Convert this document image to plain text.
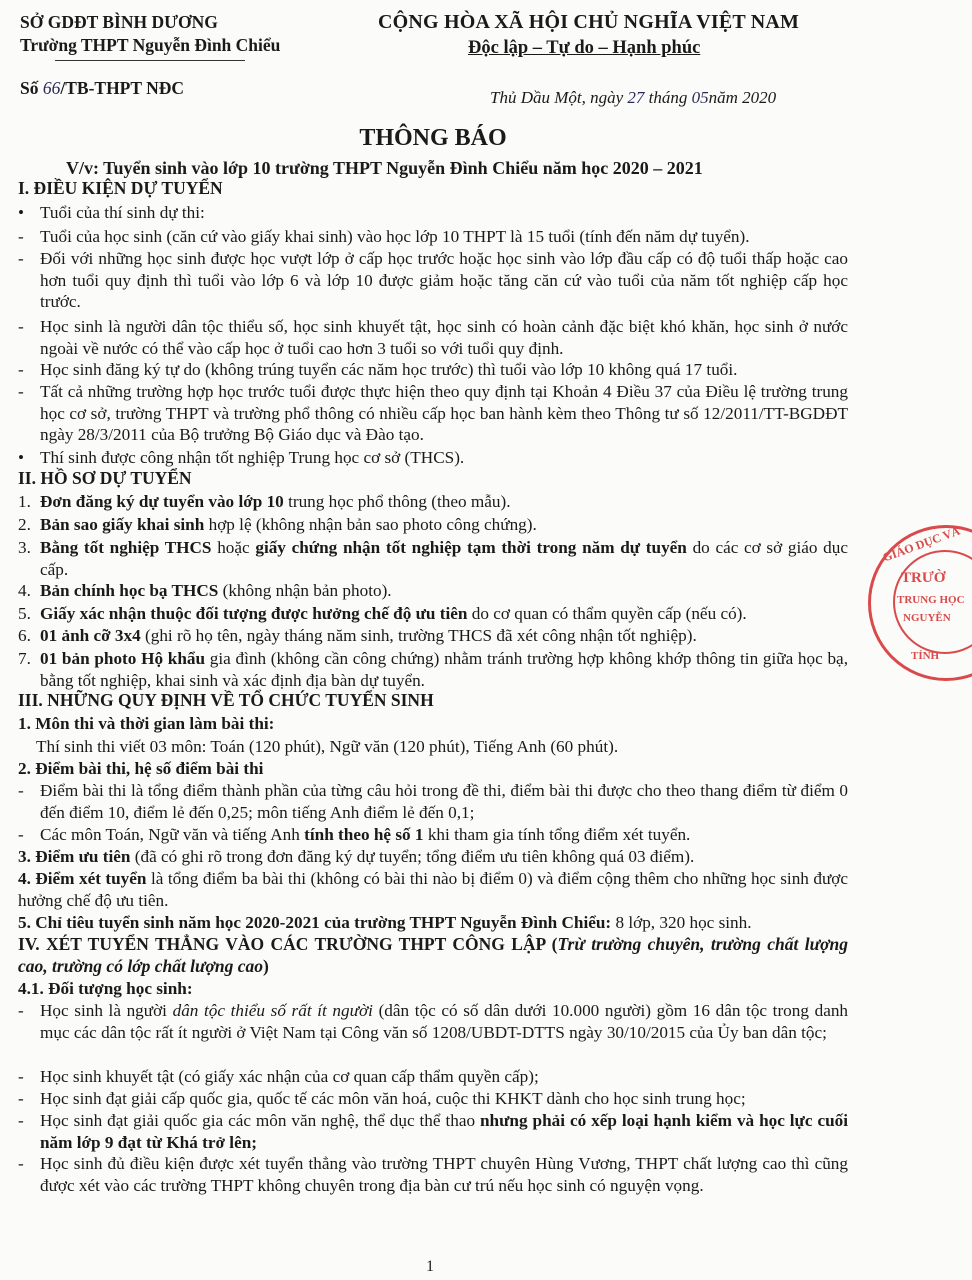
SỞ GDĐT BÌNH DƯƠNG
Trường THPT Nguyễn Đình Chiểu
Số 66/TB-THPT NĐC
CỘNG HÒA XÃ HỘI CHỦ NGHĨA VIỆT NAM
Độc lập – Tự do – Hạnh phúc
Thủ Dầu Một, ngày 27 tháng 05năm 2020
THÔNG BÁO
V/v: Tuyển sinh vào lớp 10 trường THPT Nguyễn Đình Chiểu năm học 2020 – 2021
I. ĐIỀU KIỆN DỰ TUYỂN
• Tuổi của thí sinh dự thi:
- Tuổi của học sinh (căn cứ vào giấy khai sinh) vào học lớp 10 THPT là 15 tuổi (tính đến năm dự tuyển).
- Đối với những học sinh được học vượt lớp ở cấp học trước hoặc học sinh vào lớp đầu cấp có độ tuổi thấp hoặc cao hơn tuổi quy định thì tuổi vào lớp 6 và lớp 10 được giảm hoặc tăng căn cứ vào tuổi của năm tốt nghiệp cấp học trước.
- Học sinh là người dân tộc thiểu số, học sinh khuyết tật, học sinh có hoàn cảnh đặc biệt khó khăn, học sinh ở nước ngoài về nước có thể vào cấp học ở tuổi cao hơn 3 tuổi so với tuổi quy định.
- Học sinh đăng ký tự do (không trúng tuyển các năm học trước) thì tuổi vào lớp 10 không quá 17 tuổi.
- Tất cả những trường hợp học trước tuổi được thực hiện theo quy định tại Khoản 4 Điều 37 của Điều lệ trường trung học cơ sở, trường THPT và trường phổ thông có nhiều cấp học ban hành kèm theo Thông tư số 12/2011/TT-BGDĐT ngày 28/3/2011 của Bộ trưởng Bộ Giáo dục và Đào tạo.
• Thí sinh được công nhận tốt nghiệp Trung học cơ sở (THCS).
II. HỒ SƠ DỰ TUYỂN
1. Đơn đăng ký dự tuyển vào lớp 10 trung học phổ thông (theo mẫu).
2. Bản sao giấy khai sinh hợp lệ (không nhận bản sao photo công chứng).
3. Bằng tốt nghiệp THCS hoặc giấy chứng nhận tốt nghiệp tạm thời trong năm dự tuyển do các cơ sở giáo dục cấp.
4. Bản chính học bạ THCS (không nhận bản photo).
5. Giấy xác nhận thuộc đối tượng được hưởng chế độ ưu tiên do cơ quan có thẩm quyền cấp (nếu có).
6. 01 ảnh cỡ 3x4 (ghi rõ họ tên, ngày tháng năm sinh, trường THCS đã xét công nhận tốt nghiệp).
7. 01 bản photo Hộ khẩu gia đình (không cần công chứng) nhằm tránh trường hợp không khớp thông tin giữa học bạ, bằng tốt nghiệp, khai sinh và xác định địa bàn dự tuyển.
III. NHỮNG QUY ĐỊNH VỀ TỔ CHỨC TUYỂN SINH
1. Môn thi và thời gian làm bài thi:
Thí sinh thi viết 03 môn: Toán (120 phút), Ngữ văn (120 phút), Tiếng Anh (60 phút).
2. Điểm bài thi, hệ số điểm bài thi
- Điểm bài thi là tổng điểm thành phần của từng câu hỏi trong đề thi, điểm bài thi được cho theo thang điểm từ điểm 0 đến điểm 10, điểm lẻ đến 0,25; môn tiếng Anh điểm lẻ đến 0,1;
- Các môn Toán, Ngữ văn và tiếng Anh tính theo hệ số 1 khi tham gia tính tổng điểm xét tuyển.
3. Điểm ưu tiên (đã có ghi rõ trong đơn đăng ký dự tuyển; tổng điểm ưu tiên không quá 03 điểm).
4. Điểm xét tuyển là tổng điểm ba bài thi (không có bài thi nào bị điểm 0) và điểm cộng thêm cho những học sinh được hưởng chế độ ưu tiên.
5. Chỉ tiêu tuyển sinh năm học 2020-2021 của trường THPT Nguyễn Đình Chiểu: 8 lớp, 320 học sinh.
IV. XÉT TUYỂN THẲNG VÀO CÁC TRƯỜNG THPT CÔNG LẬP (Trừ trường chuyên, trường chất lượng cao, trường có lớp chất lượng cao)
4.1. Đối tượng học sinh:
- Học sinh là người dân tộc thiểu số rất ít người (dân tộc có số dân dưới 10.000 người) gồm 16 dân tộc trong danh mục các dân tộc rất ít người ở Việt Nam tại Công văn số 1208/UBDT-DTTS ngày 30/10/2015 của Ủy ban dân tộc;
- Học sinh khuyết tật (có giấy xác nhận của cơ quan cấp thẩm quyền cấp);
- Học sinh đạt giải cấp quốc gia, quốc tế các môn văn hoá, cuộc thi KHKT dành cho học sinh trung học;
- Học sinh đạt giải quốc gia các môn văn nghệ, thể dục thể thao nhưng phải có xếp loại hạnh kiểm và học lực cuối năm lớp 9 đạt từ Khá trở lên;
- Học sinh đủ điều kiện được xét tuyển thẳng vào trường THPT chuyên Hùng Vương, THPT chất lượng cao thì cũng được xét vào các trường THPT không chuyên trong địa bàn cư trú nếu học sinh có nguyện vọng.
GIÁO DỤC VÀ
TRƯỜ
TRUNG HỌC
NGUYỄN
TỈNH
1
